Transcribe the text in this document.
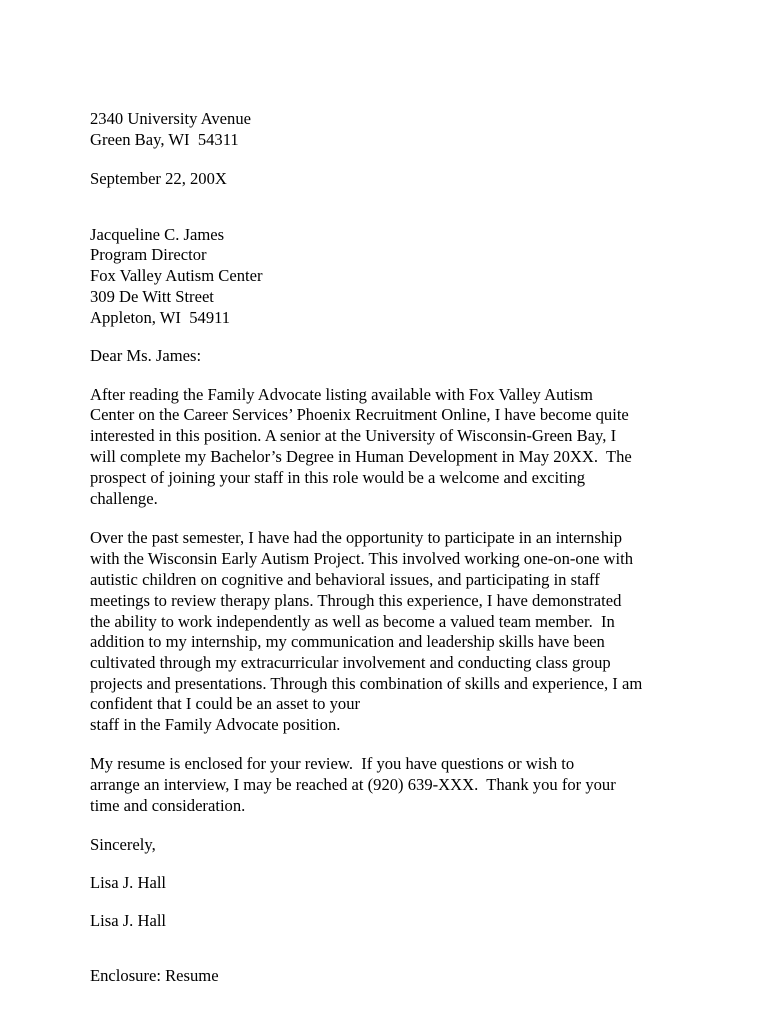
2340 University Avenue
Green Bay, WI  54311
September 22, 200X
Jacqueline C. James
Program Director
Fox Valley Autism Center
309 De Witt Street
Appleton, WI  54911
Dear Ms. James:
After reading the Family Advocate listing available with Fox Valley Autism
Center on the Career Services’ Phoenix Recruitment Online, I have become quite
interested in this position. A senior at the University of Wisconsin-Green Bay, I
will complete my Bachelor’s Degree in Human Development in May 20XX.  The
prospect of joining your staff in this role would be a welcome and exciting
challenge.
Over the past semester, I have had the opportunity to participate in an internship
with the Wisconsin Early Autism Project. This involved working one-on-one with
autistic children on cognitive and behavioral issues, and participating in staff
meetings to review therapy plans. Through this experience, I have demonstrated
the ability to work independently as well as become a valued team member.  In
addition to my internship, my communication and leadership skills have been
cultivated through my extracurricular involvement and conducting class group
projects and presentations. Through this combination of skills and experience, I am
confident that I could be an asset to your
staff in the Family Advocate position.
My resume is enclosed for your review.  If you have questions or wish to
arrange an interview, I may be reached at (920) 639-XXX.  Thank you for your
time and consideration.
Sincerely,
Lisa J. Hall
Lisa J. Hall
Enclosure: Resume
